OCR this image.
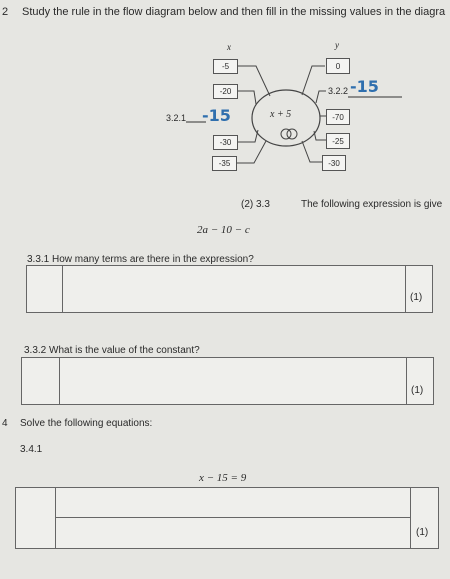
2 Study the rule in the flow diagram below and then fill in the missing values in the diagra
x	y
-5
-20
-30
-35
x + 5
0
-70
-25
-30
3.2.1 -15
3.2.2 -15
(2) 3.3	The following expression is give
2a − 10 − c
3.3.1 How many terms are there in the expression?
(1)
3.3.2 What is the value of the constant?
(1)
4 Solve the following equations:
3.4.1
x − 15 = 9
(1)
